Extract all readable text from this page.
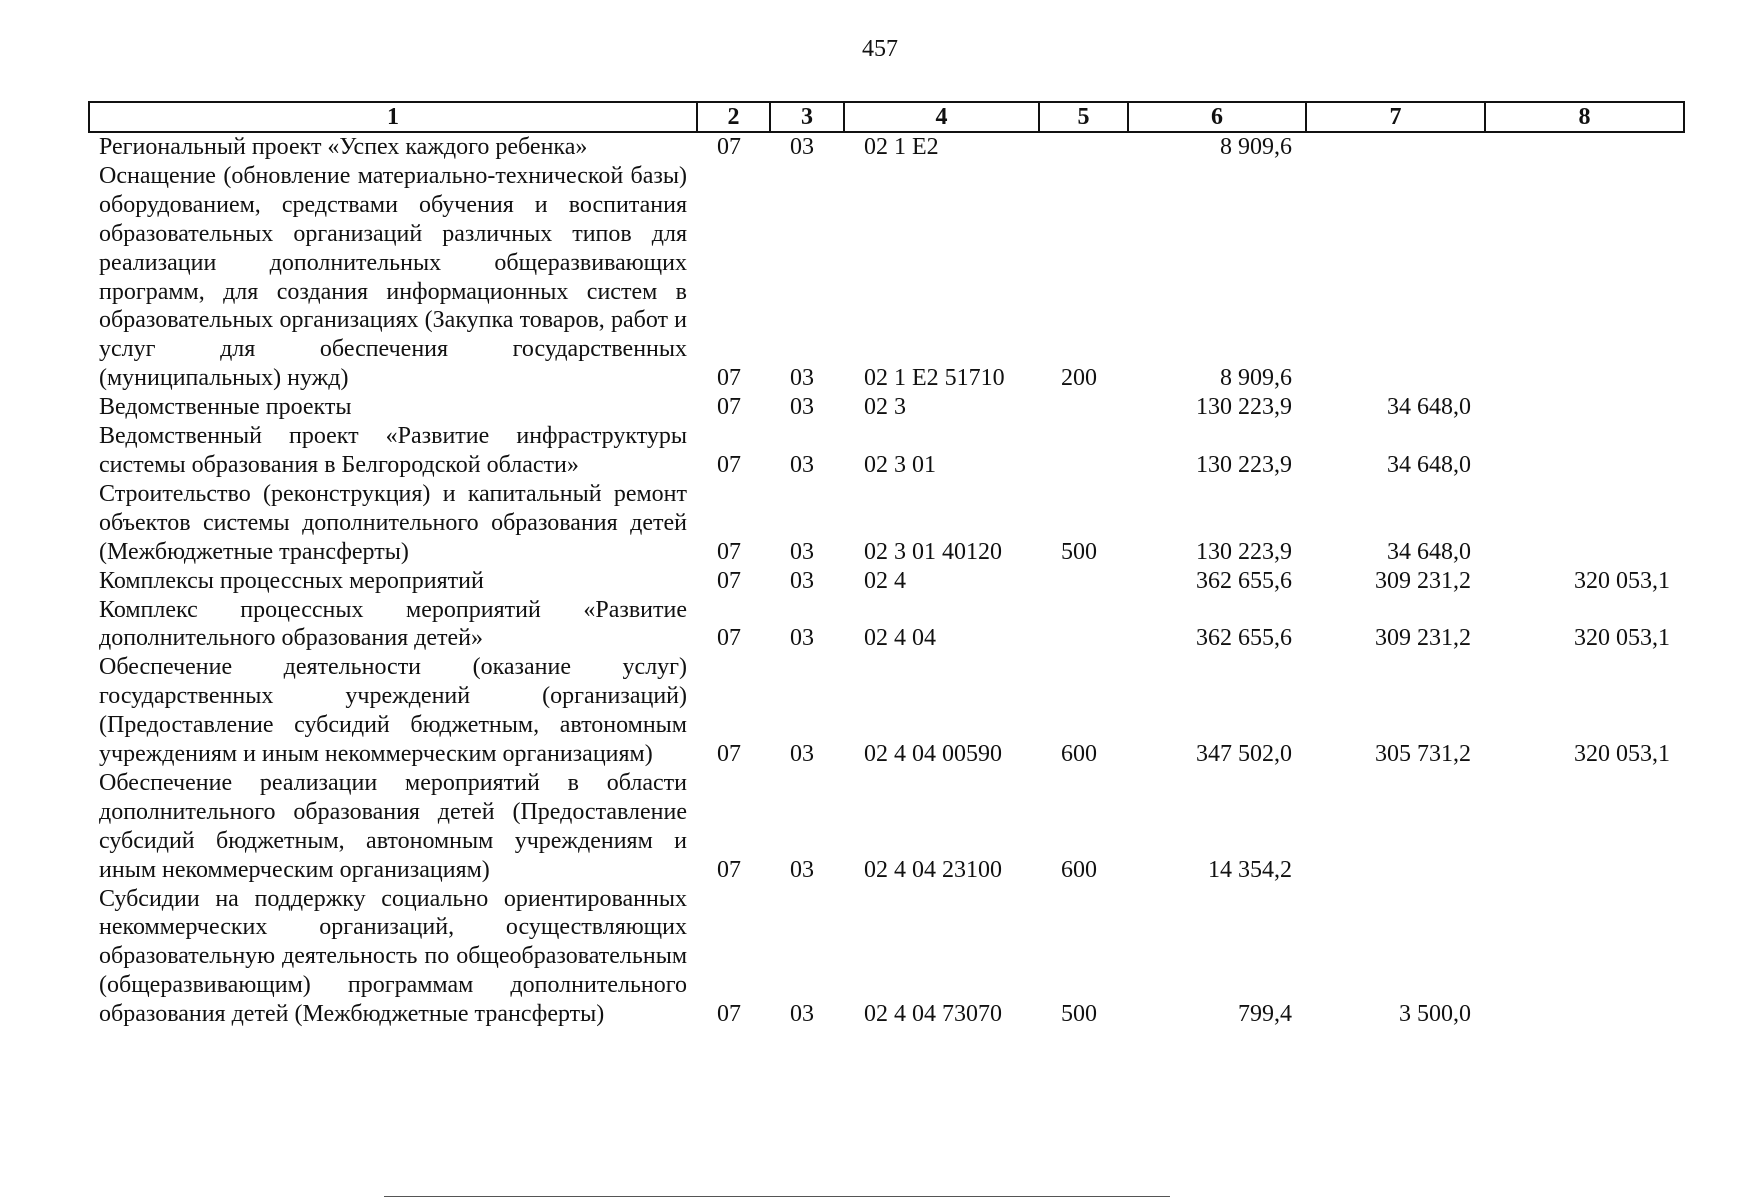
457
1	2	3	4	5	6	7	8
Региональный проект «Успех каждого ребенка»	07	03	02 1 E2		8 909,6		
Оснащение (обновление материально-технической базы) оборудованием, средствами обучения и воспитания образовательных организаций различных типов для реализации дополнительных общеразвивающих программ, для создания информационных систем в образовательных организациях (Закупка товаров, работ и услуг для обеспечения государственных (муниципальных) нужд)	07	03	02 1 E2 51710	200	8 909,6		
Ведомственные проекты	07	03	02 3		130 223,9	34 648,0	
Ведомственный проект «Развитие инфраструктуры системы образования в Белгородской области»	07	03	02 3 01		130 223,9	34 648,0	
Строительство (реконструкция) и капитальный ремонт объектов системы дополнительного образования детей (Межбюджетные трансферты)	07	03	02 3 01 40120	500	130 223,9	34 648,0	
Комплексы процессных мероприятий	07	03	02 4		362 655,6	309 231,2	320 053,1
Комплекс процессных мероприятий «Развитие дополнительного образования детей»	07	03	02 4 04		362 655,6	309 231,2	320 053,1
Обеспечение деятельности (оказание услуг) государственных учреждений (организаций) (Предоставление субсидий бюджетным, автономным учреждениям и иным некоммерческим организациям)	07	03	02 4 04 00590	600	347 502,0	305 731,2	320 053,1
Обеспечение реализации мероприятий в области дополнительного образования детей (Предоставление субсидий бюджетным, автономным учреждениям и иным некоммерческим организациям)	07	03	02 4 04 23100	600	14 354,2		
Субсидии на поддержку социально ориентированных некоммерческих организаций, осуществляющих образовательную деятельность по общеобразовательным (общеразвивающим) программам дополнительного образования детей (Межбюджетные трансферты)	07	03	02 4 04 73070	500	799,4	3 500,0	
